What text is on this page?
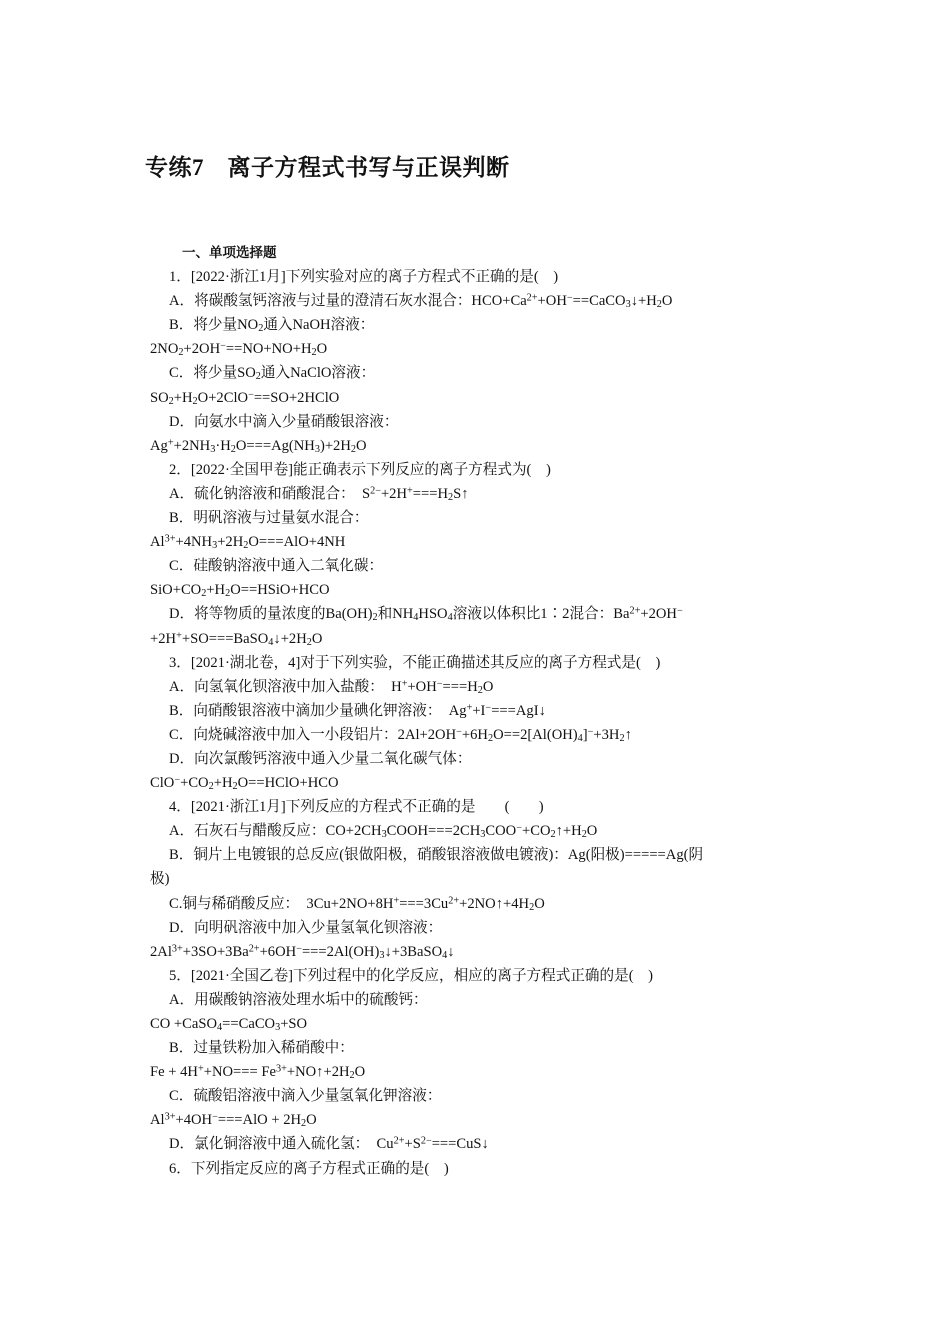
专练7　离子方程式书写与正误判断
一、单项选择题
1．[2022·浙江1月]下列实验对应的离子方程式不正确的是(    )
A．将碳酸氢钙溶液与过量的澄清石灰水混合：$HCO+Ca^{2+}+OH^-==CaCO_3↓+H_2O$
B．将少量$NO_2$通入NaOH溶液：
$2NO_2+2OH^-==NO+NO+H_2O$
C．将少量$SO_2$通入NaClO溶液：
$SO_2+H_2O+2ClO^-==SO+2HClO$
D．向氨水中滴入少量硝酸银溶液：
$Ag^++2NH_3\cdot H_2O===Ag(NH_3)+2H_2O$
2．[2022·全国甲卷]能正确表示下列反应的离子方程式为(    )
A．硫化钠溶液和硝酸混合：　$S^{2-}+2H^+===H_2S↑$
B．明矾溶液与过量氨水混合：
$Al^{3+}+4NH_3+2H_2O===AlO+4NH$
C．硅酸钠溶液中通入二氧化碳：
$SiO+CO_2+H_2O==HSiO+HCO$
D．将等物质的量浓度的$Ba(OH)_2$和$NH_4HSO_4$溶液以体积比1∶2混合：$Ba^{2+}+2OH^-$
$+2H^++SO===BaSO_4↓+2H_2O$
3．[2021·湖北卷，4]对于下列实验，不能正确描述其反应的离子方程式是(    )
A．向氢氧化钡溶液中加入盐酸：　$H^++OH^-===H_2O$
B．向硝酸银溶液中滴加少量碘化钾溶液：　Ag++I−===AgI↓
C．向烧碱溶液中加入一小段铝片：$2Al+2OH^-+6H_2O==2[Al(OH)_4]^-+3H_2↑$
D．向次氯酸钙溶液中通入少量二氧化碳气体：
$ClO^-+CO_2+H_2O==HClO+HCO$
4．[2021·浙江1月]下列反应的方程式不正确的是　　(　　)
A．石灰石与醋酸反应：$CO+2CH_3COOH===2CH_3COO^-+CO_2↑+H_2O$
B．铜片上电镀银的总反应(银做阳极，硝酸银溶液做电镀液)：Ag(阳极)=====Ag(阴
极)
C.铜与稀硝酸反应：　$3Cu+2NO+8H^+===3Cu^{2+}+2NO↑+4H_2O$
D．向明矾溶液中加入少量氢氧化钡溶液：
$2Al^{3+}+3SO+3Ba^{2+}+6OH^-===2Al(OH)_3↓+3BaSO_4↓$
5．[2021·全国乙卷]下列过程中的化学反应，相应的离子方程式正确的是(    )
A．用碳酸钠溶液处理水垢中的硫酸钙：
CO +CaSO$_4$==CaCO$_3$+SO
B．过量铁粉加入稀硝酸中：
$Fe + 4H^++NO=== Fe^{3+}+NO↑+2H_2O$
C．硫酸铝溶液中滴入少量氢氧化钾溶液：
$Al^{3+}+4OH^-===AlO + 2H_2O$
D．氯化铜溶液中通入硫化氢：　$Cu^{2+}+S^{2-}===CuS↓$
6．下列指定反应的离子方程式正确的是(    )
